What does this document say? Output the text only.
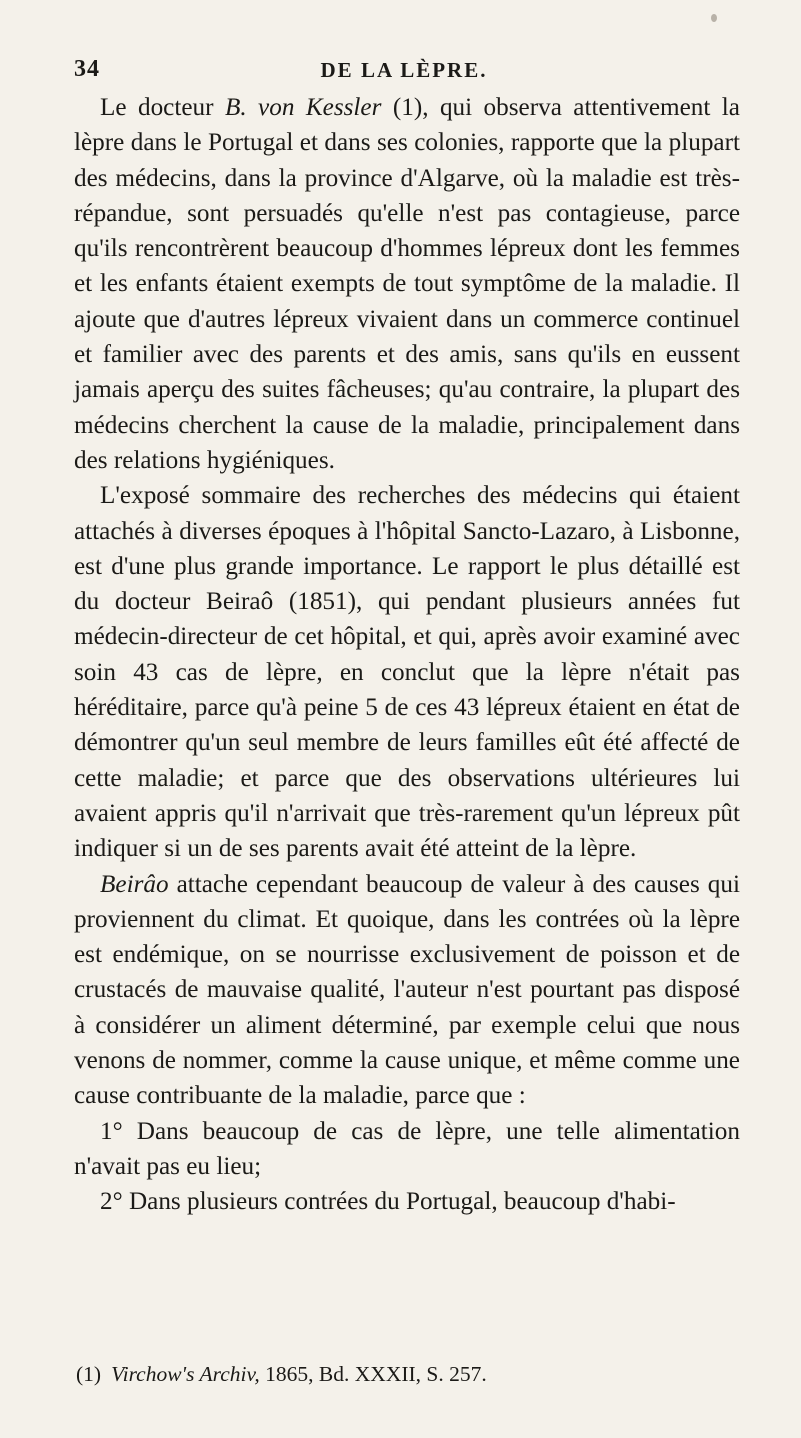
34	DE LA LÈPRE.

Le docteur B. von Kessler (1), qui observa attentivement la lèpre dans le Portugal et dans ses colonies, rapporte que la plupart des médecins, dans la province d'Algarve, où la maladie est très-répandue, sont persuadés qu'elle n'est pas contagieuse, parce qu'ils rencontrèrent beaucoup d'hommes lépreux dont les femmes et les enfants étaient exempts de tout symptôme de la maladie. Il ajoute que d'autres lépreux vivaient dans un commerce continuel et familier avec des parents et des amis, sans qu'ils en eussent jamais aperçu des suites fâcheuses; qu'au contraire, la plupart des médecins cherchent la cause de la maladie, principalement dans des relations hygiéniques.

L'exposé sommaire des recherches des médecins qui étaient attachés à diverses époques à l'hôpital Sancto-Lazaro, à Lisbonne, est d'une plus grande importance. Le rapport le plus détaillé est du docteur Beiraô (1851), qui pendant plusieurs années fut médecin-directeur de cet hôpital, et qui, après avoir examiné avec soin 43 cas de lèpre, en conclut que la lèpre n'était pas héréditaire, parce qu'à peine 5 de ces 43 lépreux étaient en état de démontrer qu'un seul membre de leurs familles eût été affecté de cette maladie; et parce que des observations ultérieures lui avaient appris qu'il n'arrivait que très-rarement qu'un lépreux pût indiquer si un de ses parents avait été atteint de la lèpre.

Beirâo attache cependant beaucoup de valeur à des causes qui proviennent du climat. Et quoique, dans les contrées où la lèpre est endémique, on se nourrisse exclusivement de poisson et de crustacés de mauvaise qualité, l'auteur n'est pourtant pas disposé à considérer un aliment déterminé, par exemple celui que nous venons de nommer, comme la cause unique, et même comme une cause contribuante de la maladie, parce que :

1° Dans beaucoup de cas de lèpre, une telle alimentation n'avait pas eu lieu;

2° Dans plusieurs contrées du Portugal, beaucoup d'habi-

(1) Virchow's Archiv, 1865, Bd. XXXII, S. 257.
